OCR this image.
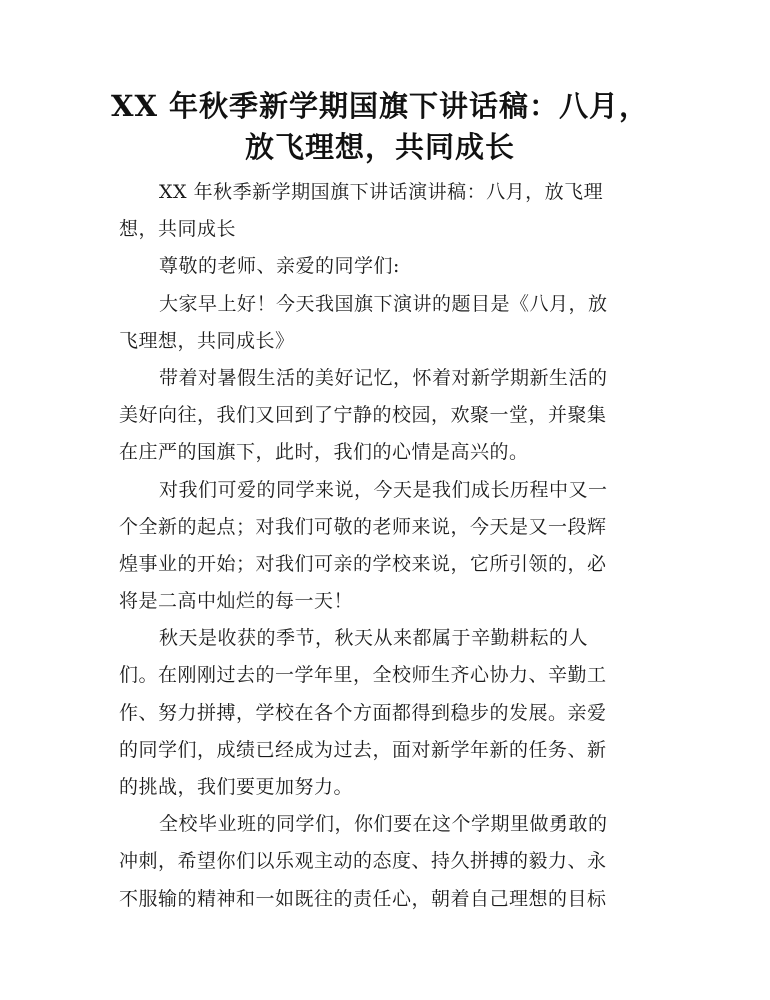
XX 年秋季新学期国旗下讲话稿：八月，
放飞理想，共同成长
XX 年秋季新学期国旗下讲话演讲稿：八月，放飞理
想，共同成长
尊敬的老师、亲爱的同学们:
大家早上好！今天我国旗下演讲的题目是《八月，放
飞理想，共同成长》
带着对暑假生活的美好记忆，怀着对新学期新生活的
美好向往，我们又回到了宁静的校园，欢聚一堂，并聚集
在庄严的国旗下，此时，我们的心情是高兴的。
对我们可爱的同学来说，今天是我们成长历程中又一
个全新的起点；对我们可敬的老师来说，今天是又一段辉
煌事业的开始；对我们可亲的学校来说，它所引领的，必
将是二高中灿烂的每一天！
秋天是收获的季节，秋天从来都属于辛勤耕耘的人
们。在刚刚过去的一学年里，全校师生齐心协力、辛勤工
作、努力拼搏，学校在各个方面都得到稳步的发展。亲爱
的同学们，成绩已经成为过去，面对新学年新的任务、新
的挑战，我们要更加努力。
全校毕业班的同学们，你们要在这个学期里做勇敢的
冲刺，希望你们以乐观主动的态度、持久拼搏的毅力、永
不服输的精神和一如既往的责任心，朝着自己理想的目标
